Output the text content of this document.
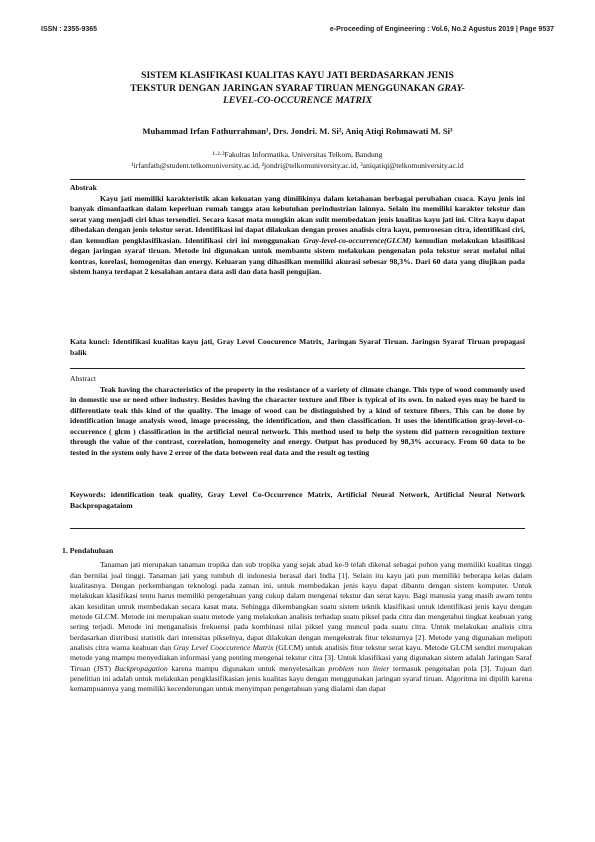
ISSN : 2355-9365	e-Proceeding of Engineering : Vol.6, No.2 Agustus 2019 | Page 9537
SISTEM KLASIFIKASI KUALITAS KAYU JATI BERDASARKAN JENIS
TEKSTUR DENGAN JARINGAN SYARAF TIRUAN MENGGUNAKAN GRAY-
LEVEL-CO-OCCURENCE MATRIX
Muhammad Irfan Fathurrahman¹, Drs. Jondri. M. Si², Aniq Atiqi Rohmawati M. Si³
¹·²·³Fakultas Informatika, Universitas Telkom, Bandung
¹irfanfath@student.telkomuniversity.ac.id, ²jondri@telkomuniversity.ac.id, ³aniqatiqi@telkomuniversity.ac.id
Abstrak

Kayu jati memiliki karakteristik akan kekuatan yang dimilikinya dalam ketahanan berbagai perubahan cuaca. Kayu jenis ini banyak dimanfaatkan dalam keperluan rumah tangga atau kebutuhan perindustrian lainnya. Selain itu memiliki karakter tekstur dan serat yang menjadi ciri khas tersendiri. Secara kasat mata mungkin akan sulit membedakan jenis kualitas kayu jati ini. Citra kayu dapat dibedakan dengan jenis tekstur serat. Identifikasi ini dapat dilakukan dengan proses analisis citra kayu, pemrosesan citra, identifikasi ciri, dan kemudian pengklasifikasian. Identifikasi ciri ini menggunakan Gray-level-co-occurrence(GLCM) kemudian melakukan klasifikasi degan jaringan syaraf tiruan. Metode ini digunakan untuk membantu sistem melakukan pengenalan pola tekstur serat melalui nilai kontras, korelasi, homogenitas dan energy. Keluaran yang dihasilkan memiliki akurasi sebesar 98,3%. Dari 60 data yang diujikan pada sistem hanya terdapat 2 kesalahan antara data asli dan data hasil pengujian.

Kata kunci: Identifikasi kualitas kayu jati, Gray Level Coocurence Matrix, Jaringan Syaraf Tiruan. Jaringsn Syaraf Tiruan propagasi balik

Abstract

Teak having the characteristics of the property in the resistance of a variety of climate change. This type of wood commonly used in domestic use or need other industry. Besides having the character texture and fiber is typical of its own. In naked eyes may be hard to differentiate teak this kind of the quality. The image of wood can be distinguished by a kind of texture fibers. This can be done by identification image analysis wood, image processing, the identification, and then classification. It uses the identification gray-level-co-occurrence ( glcm ) classification in the artificial neural network. This method used to help the system did pattern recognition texture through the value of the contrast, correlation, homogeneity and energy. Output has produced by 98,3% accuracy. From 60 data to be tested in the system only have 2 error of the data between real data and the result og testing

Keywords: identification teak quality, Gray Level Co-Occurrence Matrix, Artificial Neural Network, Artificial Neural Network Backpropagataiom

1. Pendahuluan

Tanaman jati merupakan tanaman tropika dan sub tropika yang sejak abad ke-9 telah dikenal sebagai pohon yang memiliki kualitas tinggi dan bernilai jual tinggi. Tanaman jati yang tumbuh di indonesia berasal dari India [1]. Selain itu kayu jati pun memiliki beberapa kelas dalam kualitasnya. Dengan perkembangan teknologi pada zaman ini, untuk membedakan jenis kayu dapat dibantu dengan sistem komputer. Untuk melakukan klasifikasi tentu harus memiliki pengetahuan yang cukup dalam mengenai tekstur dan serat kayu. Bagi manusia yang masih awam tentu akan kesulitan untuk membedakan secara kasat mata. Sehingga dikembangkan suatu sistem teknik klasifikasi untuk identifikasi jenis kayu dengan metode GLCM. Metode ini merupakan suatu metode yang melakukan analisis terhadap suatu piksel pada citra dan mengetahui tingkat keabuan yang sering terjadi. Metode ini menganalisis frekuensi pada kombinasi nilai piksel yang muncul pada suatu citra. Untuk melakukan analisis citra berdasarkan distribusi statistik dari intensitas pikselnya, dapat dilakukan dengan mengekstrak fitur teksturnya [2]. Metode yang digunakan meliputi analisis citra warna keabuan dan Gray Level Cooccurence Matrix (GLCM) untuk analisis fitur tekstur serat kayu. Metode GLCM sendiri merupakan metode yang mampu menyediakan informasi yang penting mengenai tekstur citra [3]. Untuk klasifikasi yang digunakan sistem adalah Jaringan Saraf Tiruan (JST) Backpropagation karena mampu digunakan untuk menyelesaikan problem non linier termasuk pengenalan pola [3]. Tujuan dari penelitian ini adalah untuk melakukan pengklasifikasian jenis kualitas kayu dengan menggunakan jaringan syaraf tiruan. Algoritma ini dipilih karena kemampuannya yang memiliki kecenderungan untuk menyimpan pengetahuan yang dialami dan dapat
